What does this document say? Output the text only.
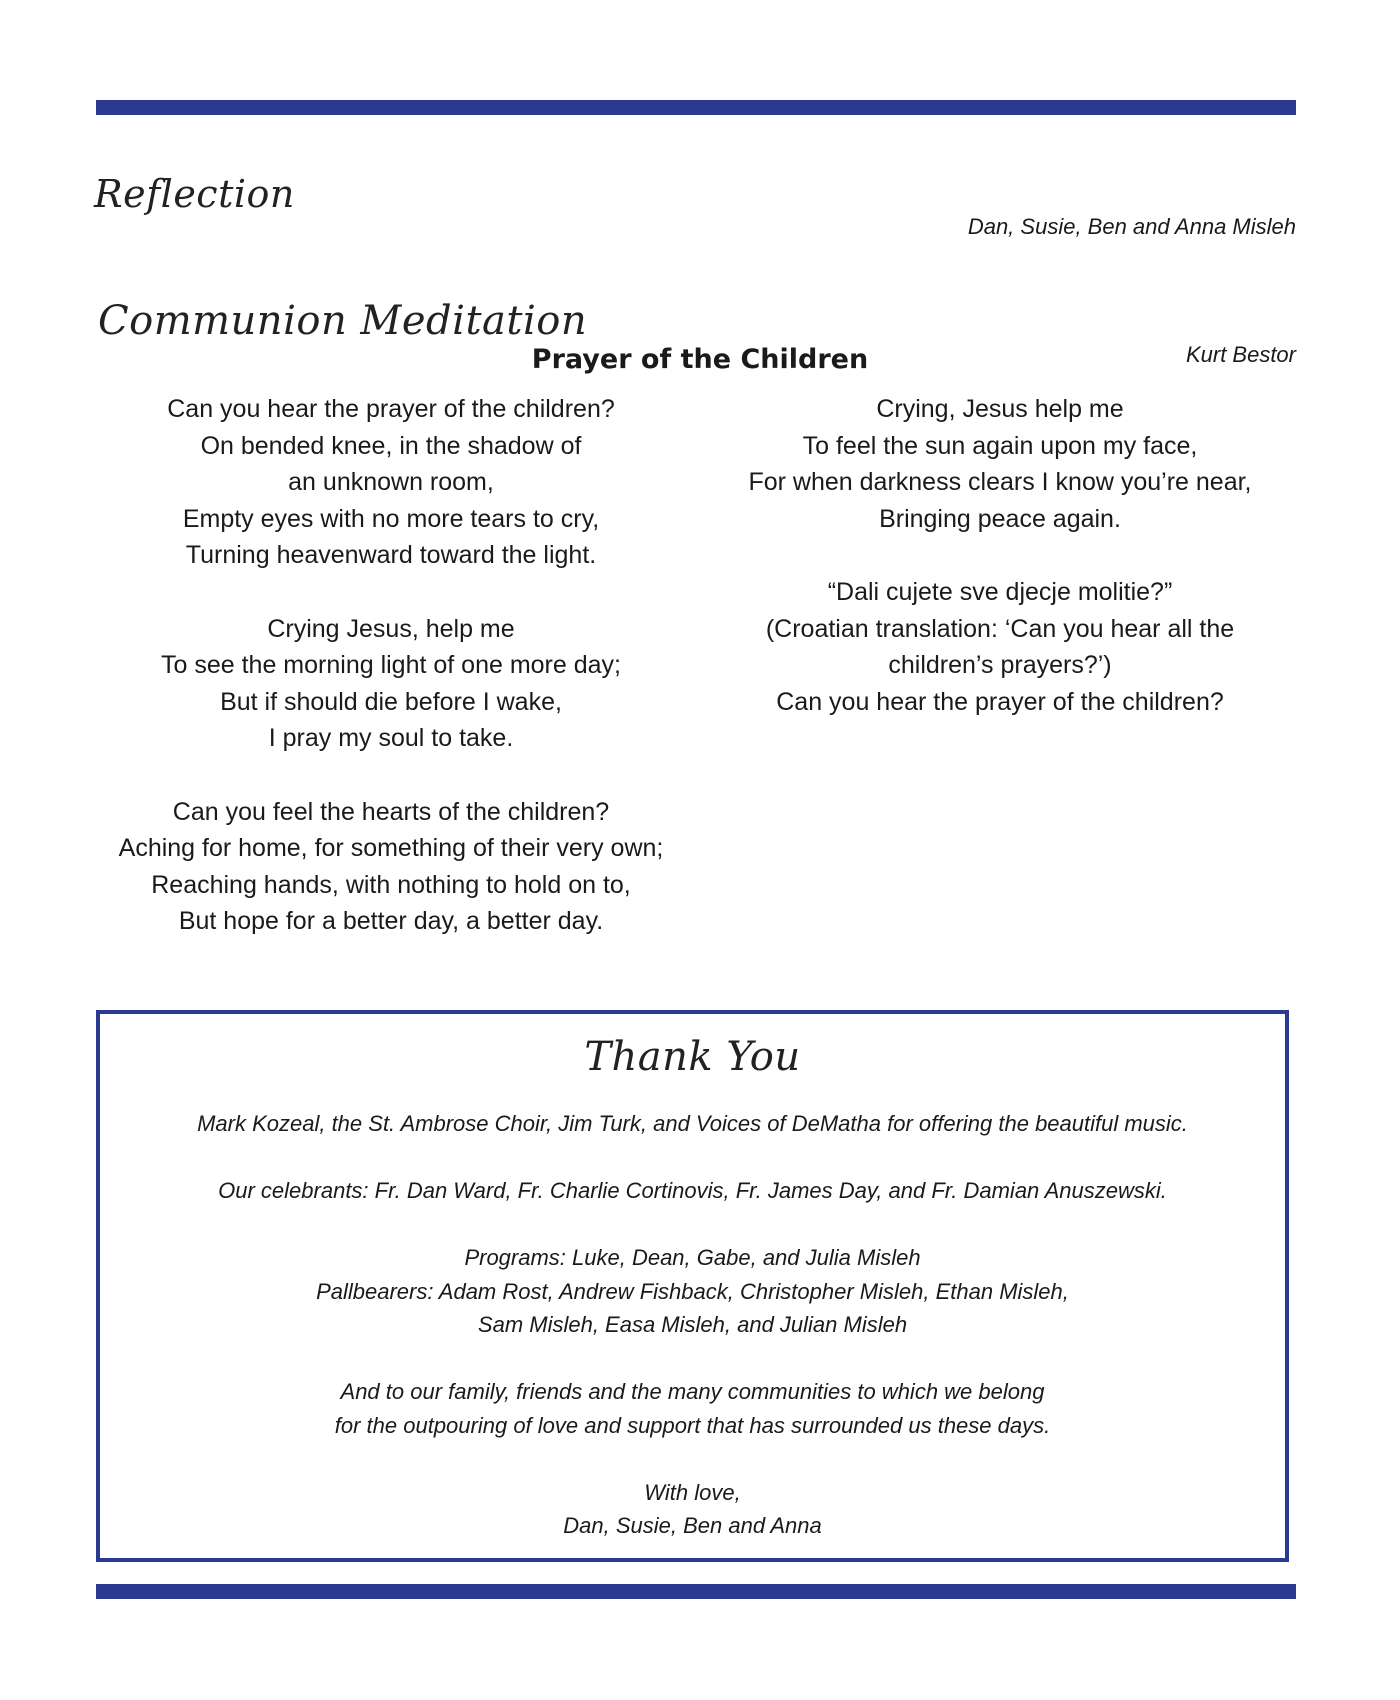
Reflection
Dan, Susie, Ben and Anna Misleh
Communion Meditation
Prayer of the Children	Kurt Bestor
Can you hear the prayer of the children?
On bended knee, in the shadow of
an unknown room,
Empty eyes with no more tears to cry,
Turning heavenward toward the light.
Crying Jesus, help me
To see the morning light of one more day;
But if should die before I wake,
I pray my soul to take.
Can you feel the hearts of the children?
Aching for home, for something of their very own;
Reaching hands, with nothing to hold on to,
But hope for a better day, a better day.
Crying, Jesus help me
To feel the sun again upon my face,
For when darkness clears I know you’re near,
Bringing peace again.
“Dali cujete sve djecje molitie?”
(Croatian translation: ‘Can you hear all the
children’s prayers?’)
Can you hear the prayer of the children?
Thank You
Mark Kozeal, the St. Ambrose Choir, Jim Turk, and Voices of DeMatha for offering the beautiful music.
Our celebrants: Fr. Dan Ward, Fr. Charlie Cortinovis, Fr. James Day, and Fr. Damian Anuszewski.
Programs: Luke, Dean, Gabe, and Julia Misleh
Pallbearers: Adam Rost, Andrew Fishback, Christopher Misleh, Ethan Misleh,
Sam Misleh, Easa Misleh, and Julian Misleh
And to our family, friends and the many communities to which we belong
for the outpouring of love and support that has surrounded us these days.
With love,
Dan, Susie, Ben and Anna
